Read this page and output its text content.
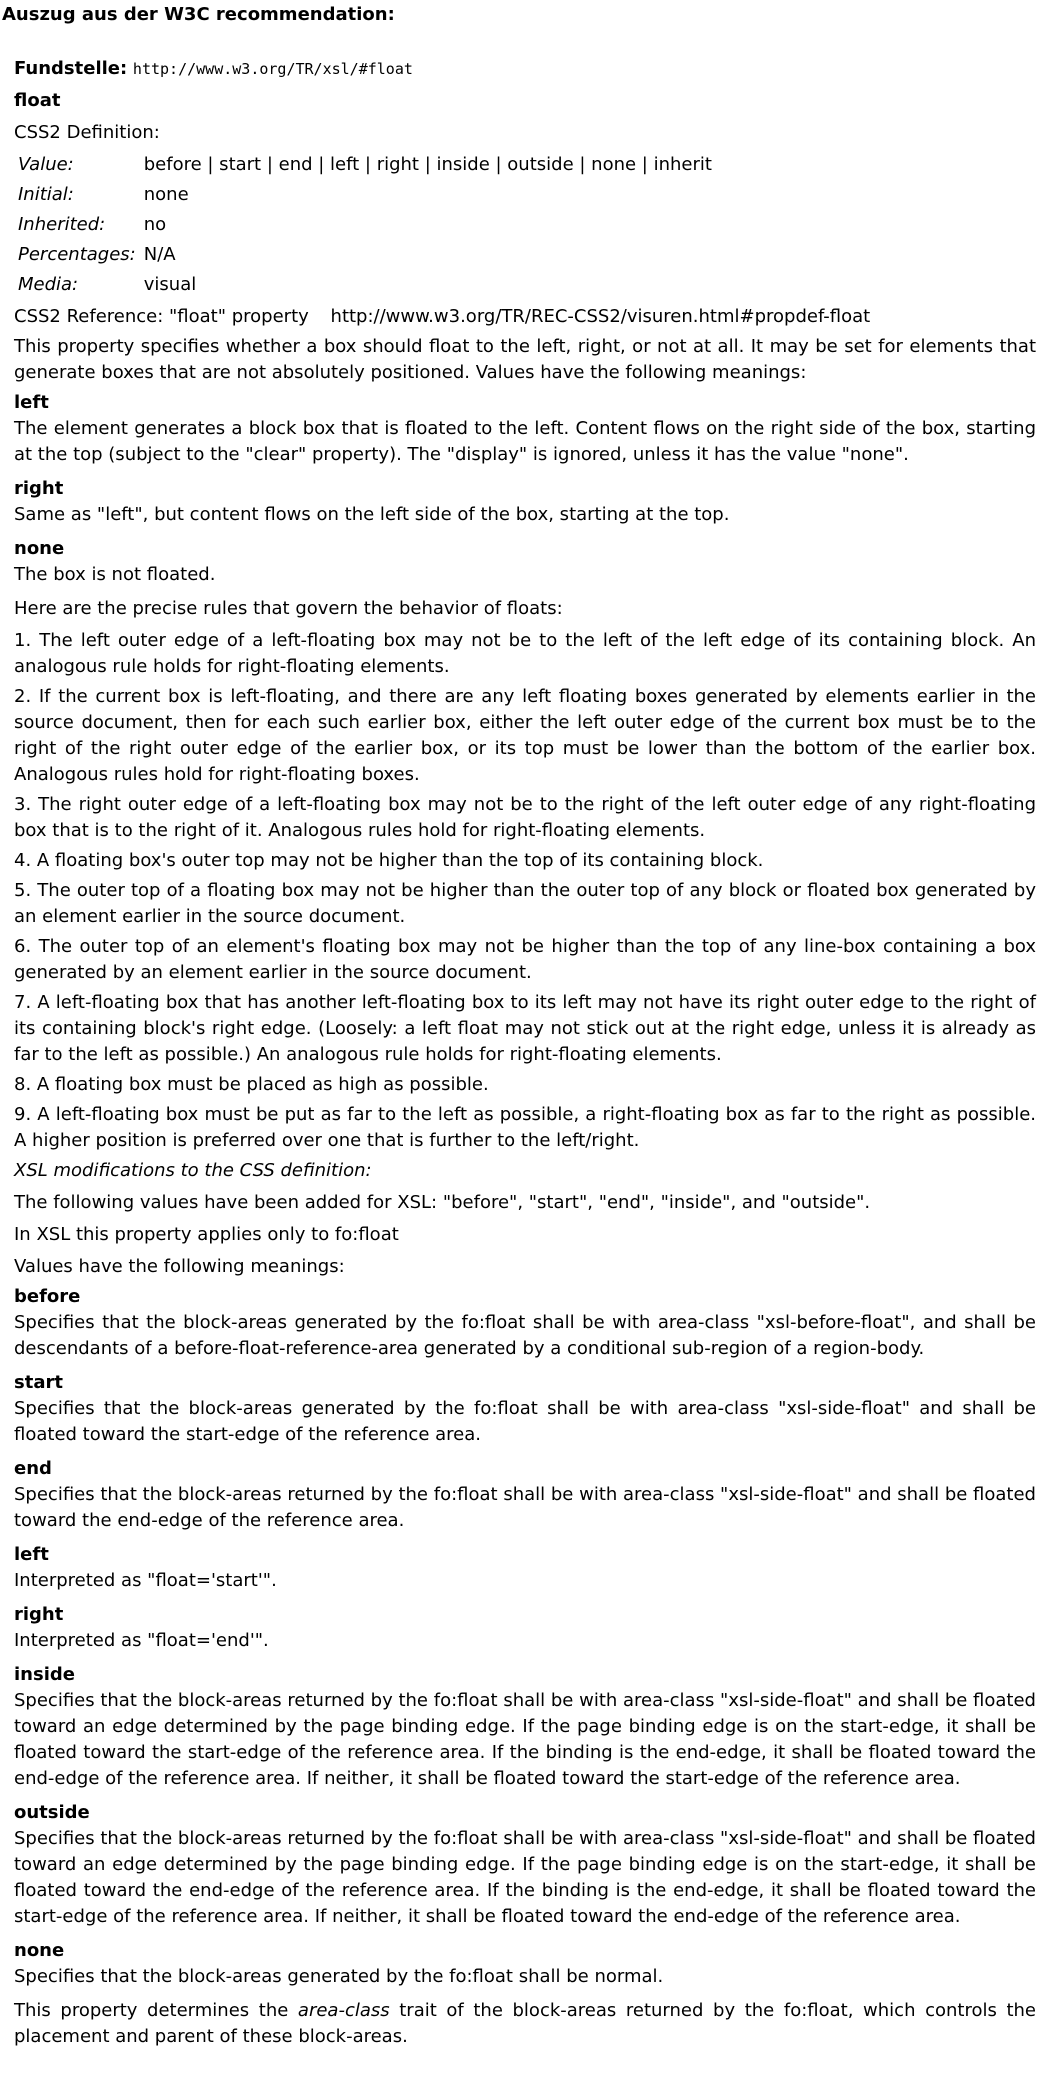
Auszug aus der W3C recommendation:
Fundstelle: http://www.w3.org/TR/xsl/#float
float
CSS2 Definition:
Value:	before | start | end | left | right | inside | outside | none | inherit
Initial:	none
Inherited:	no
Percentages:	N/A
Media:	visual
CSS2 Reference: "float" property http://www.w3.org/TR/REC-CSS2/visuren.html#propdef-float

This property specifies whether a box should float to the left, right, or not at all. It may be set for elements that generate boxes that are not absolutely positioned. Values have the following meanings:

left

The element generates a block box that is floated to the left. Content flows on the right side of the box, starting at the top (subject to the "clear" property). The "display" is ignored, unless it has the value "none".

right

Same as "left", but content flows on the left side of the box, starting at the top.

none

The box is not floated.

Here are the precise rules that govern the behavior of floats:

1. The left outer edge of a left-floating box may not be to the left of the left edge of its containing block. An analogous rule holds for right-floating elements.

2. If the current box is left-floating, and there are any left floating boxes generated by elements earlier in the source document, then for each such earlier box, either the left outer edge of the current box must be to the right of the right outer edge of the earlier box, or its top must be lower than the bottom of the earlier box. Analogous rules hold for right-floating boxes.

3. The right outer edge of a left-floating box may not be to the right of the left outer edge of any right-floating box that is to the right of it. Analogous rules hold for right-floating elements.

4. A floating box's outer top may not be higher than the top of its containing block.

5. The outer top of a floating box may not be higher than the outer top of any block or floated box generated by an element earlier in the source document.

6. The outer top of an element's floating box may not be higher than the top of any line-box containing a box generated by an element earlier in the source document.

7. A left-floating box that has another left-floating box to its left may not have its right outer edge to the right of its containing block's right edge. (Loosely: a left float may not stick out at the right edge, unless it is already as far to the left as possible.) An analogous rule holds for right-floating elements.

8. A floating box must be placed as high as possible.

9. A left-floating box must be put as far to the left as possible, a right-floating box as far to the right as possible. A higher position is preferred over one that is further to the left/right.

XSL modifications to the CSS definition:

The following values have been added for XSL: "before", "start", "end", "inside", and "outside".

In XSL this property applies only to fo:float

Values have the following meanings:

before

Specifies that the block-areas generated by the fo:float shall be with area-class "xsl-before-float", and shall be descendants of a before-float-reference-area generated by a conditional sub-region of a region-body.

start

Specifies that the block-areas generated by the fo:float shall be with area-class "xsl-side-float" and shall be floated toward the start-edge of the reference area.

end

Specifies that the block-areas returned by the fo:float shall be with area-class "xsl-side-float" and shall be floated toward the end-edge of the reference area.

left

Interpreted as "float='start'".

right

Interpreted as "float='end'".

inside

Specifies that the block-areas returned by the fo:float shall be with area-class "xsl-side-float" and shall be floated toward an edge determined by the page binding edge. If the page binding edge is on the start-edge, it shall be floated toward the start-edge of the reference area. If the binding is the end-edge, it shall be floated toward the end-edge of the reference area. If neither, it shall be floated toward the start-edge of the reference area.

outside

Specifies that the block-areas returned by the fo:float shall be with area-class "xsl-side-float" and shall be floated toward an edge determined by the page binding edge. If the page binding edge is on the start-edge, it shall be floated toward the end-edge of the reference area. If the binding is the end-edge, it shall be floated toward the start-edge of the reference area. If neither, it shall be floated toward the end-edge of the reference area.

none

Specifies that the block-areas generated by the fo:float shall be normal.

This property determines the area-class trait of the block-areas returned by the fo:float, which controls the placement and parent of these block-areas.
